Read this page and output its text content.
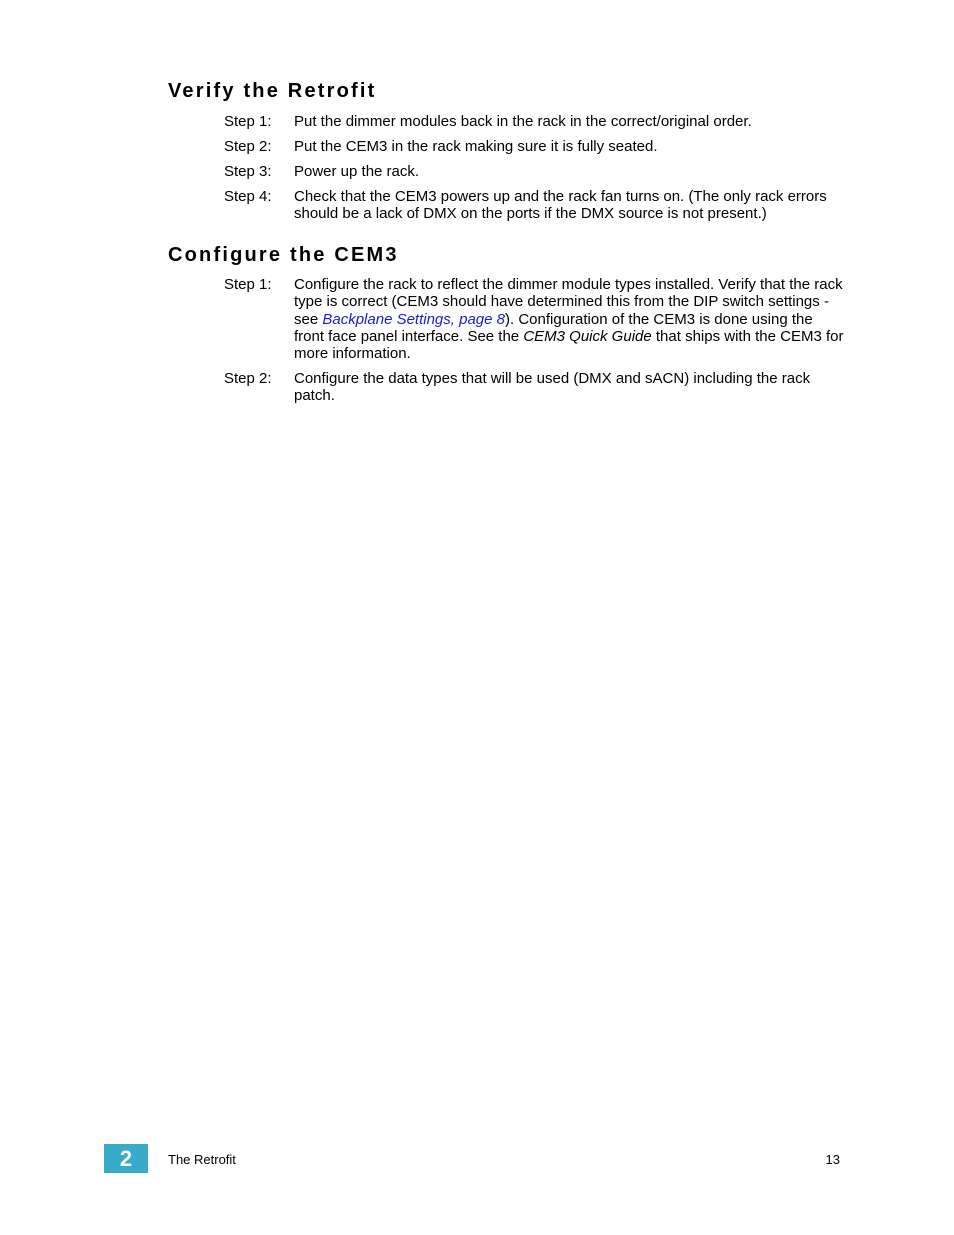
Verify the Retrofit
Step 1: Put the dimmer modules back in the rack in the correct/original order.
Step 2: Put the CEM3 in the rack making sure it is fully seated.
Step 3: Power up the rack.
Step 4: Check that the CEM3 powers up and the rack fan turns on. (The only rack errors should be a lack of DMX on the ports if the DMX source is not present.)
Configure the CEM3
Step 1: Configure the rack to reflect the dimmer module types installed. Verify that the rack type is correct (CEM3 should have determined this from the DIP switch settings - see Backplane Settings, page 8). Configuration of the CEM3 is done using the front face panel interface. See the CEM3 Quick Guide that ships with the CEM3 for more information.
Step 2: Configure the data types that will be used (DMX and sACN) including the rack patch.
2	The Retrofit	13
